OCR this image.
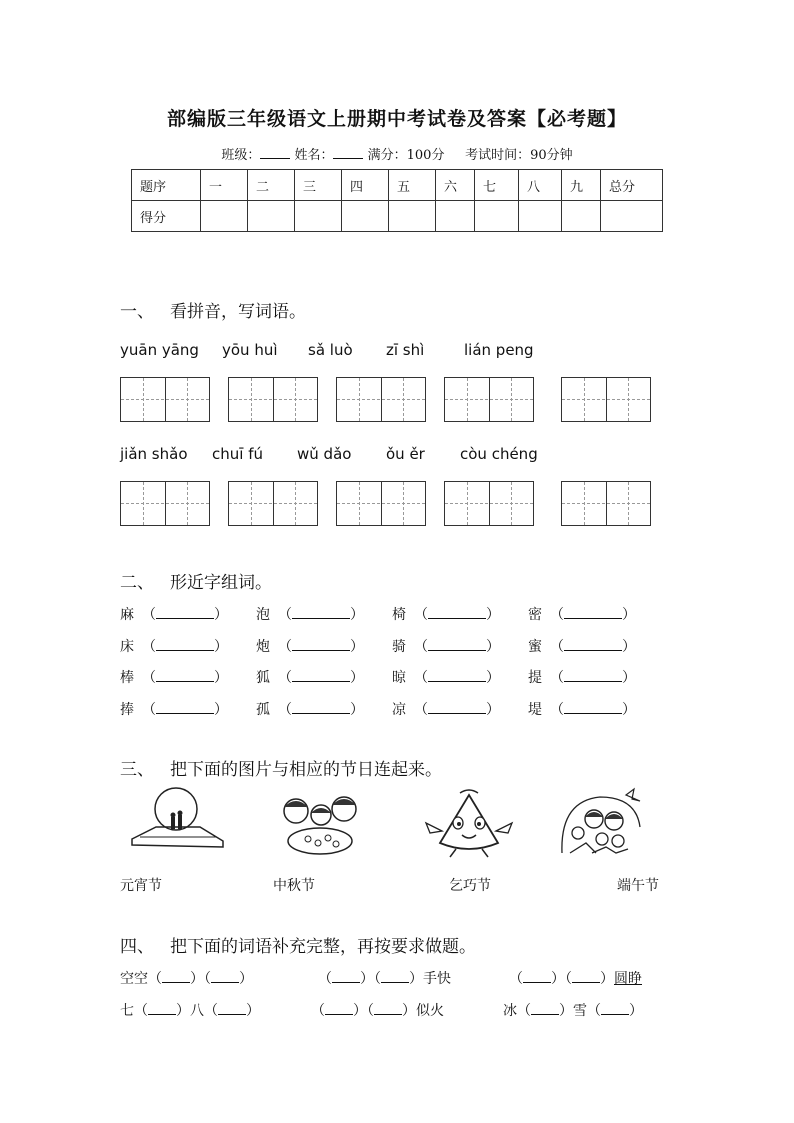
部编版三年级语文上册期中考试卷及答案【必考题】
班级：	姓名：	满分：100分 考试时间：90分钟
题序	一	二	三	四	五	六	七	八	九	总分
得分										
一、 看拼音，写词语。
yuān yāng yōu huì sǎ luò zī shì	lián peng
jiǎn shǎo chuī fú wǔ dǎo ǒu ěr còu chéng
二、 形近字组词。
麻 （	） 泡 （	） 椅 （	） 密 （	）
床 （	） 炮 （	） 骑 （	） 蜜 （	）
棒 （	） 狐 （	） 晾 （	） 提 （	）
捧 （	） 孤 （	） 凉 （	） 堤 （	）
三、 把下面的图片与相应的节日连起来。
元宵节	中秋节	乞巧节	端午节
四、 把下面的词语补充完整，再按要求做题。
空空（ ）（ ）	（ ）（ ）手快	（ ）（ ）圆睁
七（ ）八（ ）	（ ）（ ）似火	冰（ ）雪（ ）
